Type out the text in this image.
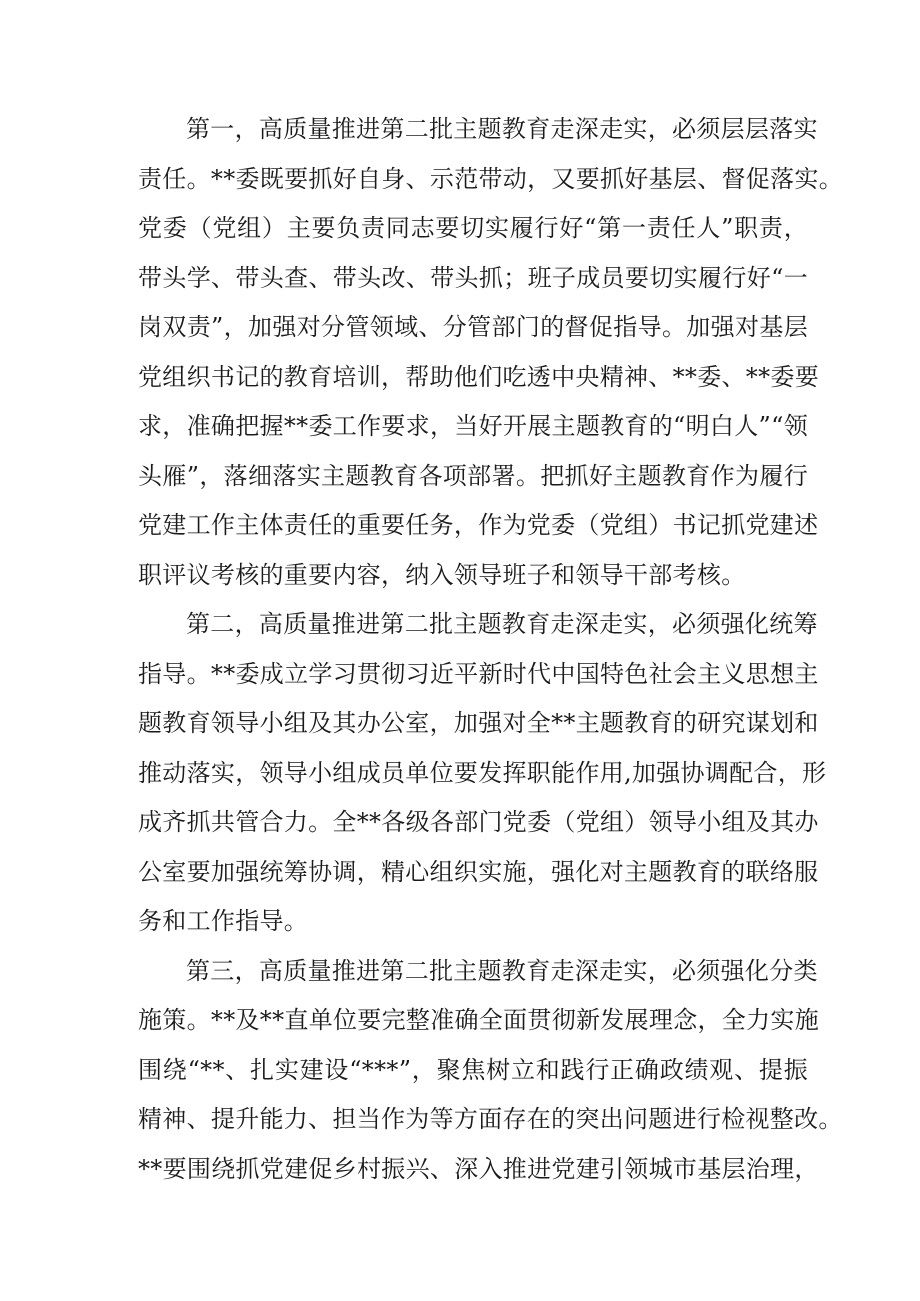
第一，高质量推进第二批主题教育走深走实，必须层层落实
责任。**委既要抓好自身、示范带动，又要抓好基层、督促落实。
党委（党组）主要负责同志要切实履行好“第一责任人”职责，
带头学、带头查、带头改、带头抓；班子成员要切实履行好“一
岗双责”，加强对分管领域、分管部门的督促指导。加强对基层
党组织书记的教育培训，帮助他们吃透中央精神、**委、**委要
求，准确把握**委工作要求，当好开展主题教育的“明白人”“领
头雁”，落细落实主题教育各项部署。把抓好主题教育作为履行
党建工作主体责任的重要任务，作为党委（党组）书记抓党建述
职评议考核的重要内容，纳入领导班子和领导干部考核。
第二，高质量推进第二批主题教育走深走实，必须强化统筹
指导。**委成立学习贯彻习近平新时代中国特色社会主义思想主
题教育领导小组及其办公室，加强对全**主题教育的研究谋划和
推动落实，领导小组成员单位要发挥职能作用,加强协调配合，形
成齐抓共管合力。全**各级各部门党委（党组）领导小组及其办
公室要加强统筹协调，精心组织实施，强化对主题教育的联络服
务和工作指导。
第三，高质量推进第二批主题教育走深走实，必须强化分类
施策。**及**直单位要完整准确全面贯彻新发展理念，全力实施
围绕“**、扎实建设“***”，聚焦树立和践行正确政绩观、提振
精神、提升能力、担当作为等方面存在的突出问题进行检视整改。
**要围绕抓党建促乡村振兴、深入推进党建引领城市基层治理，
